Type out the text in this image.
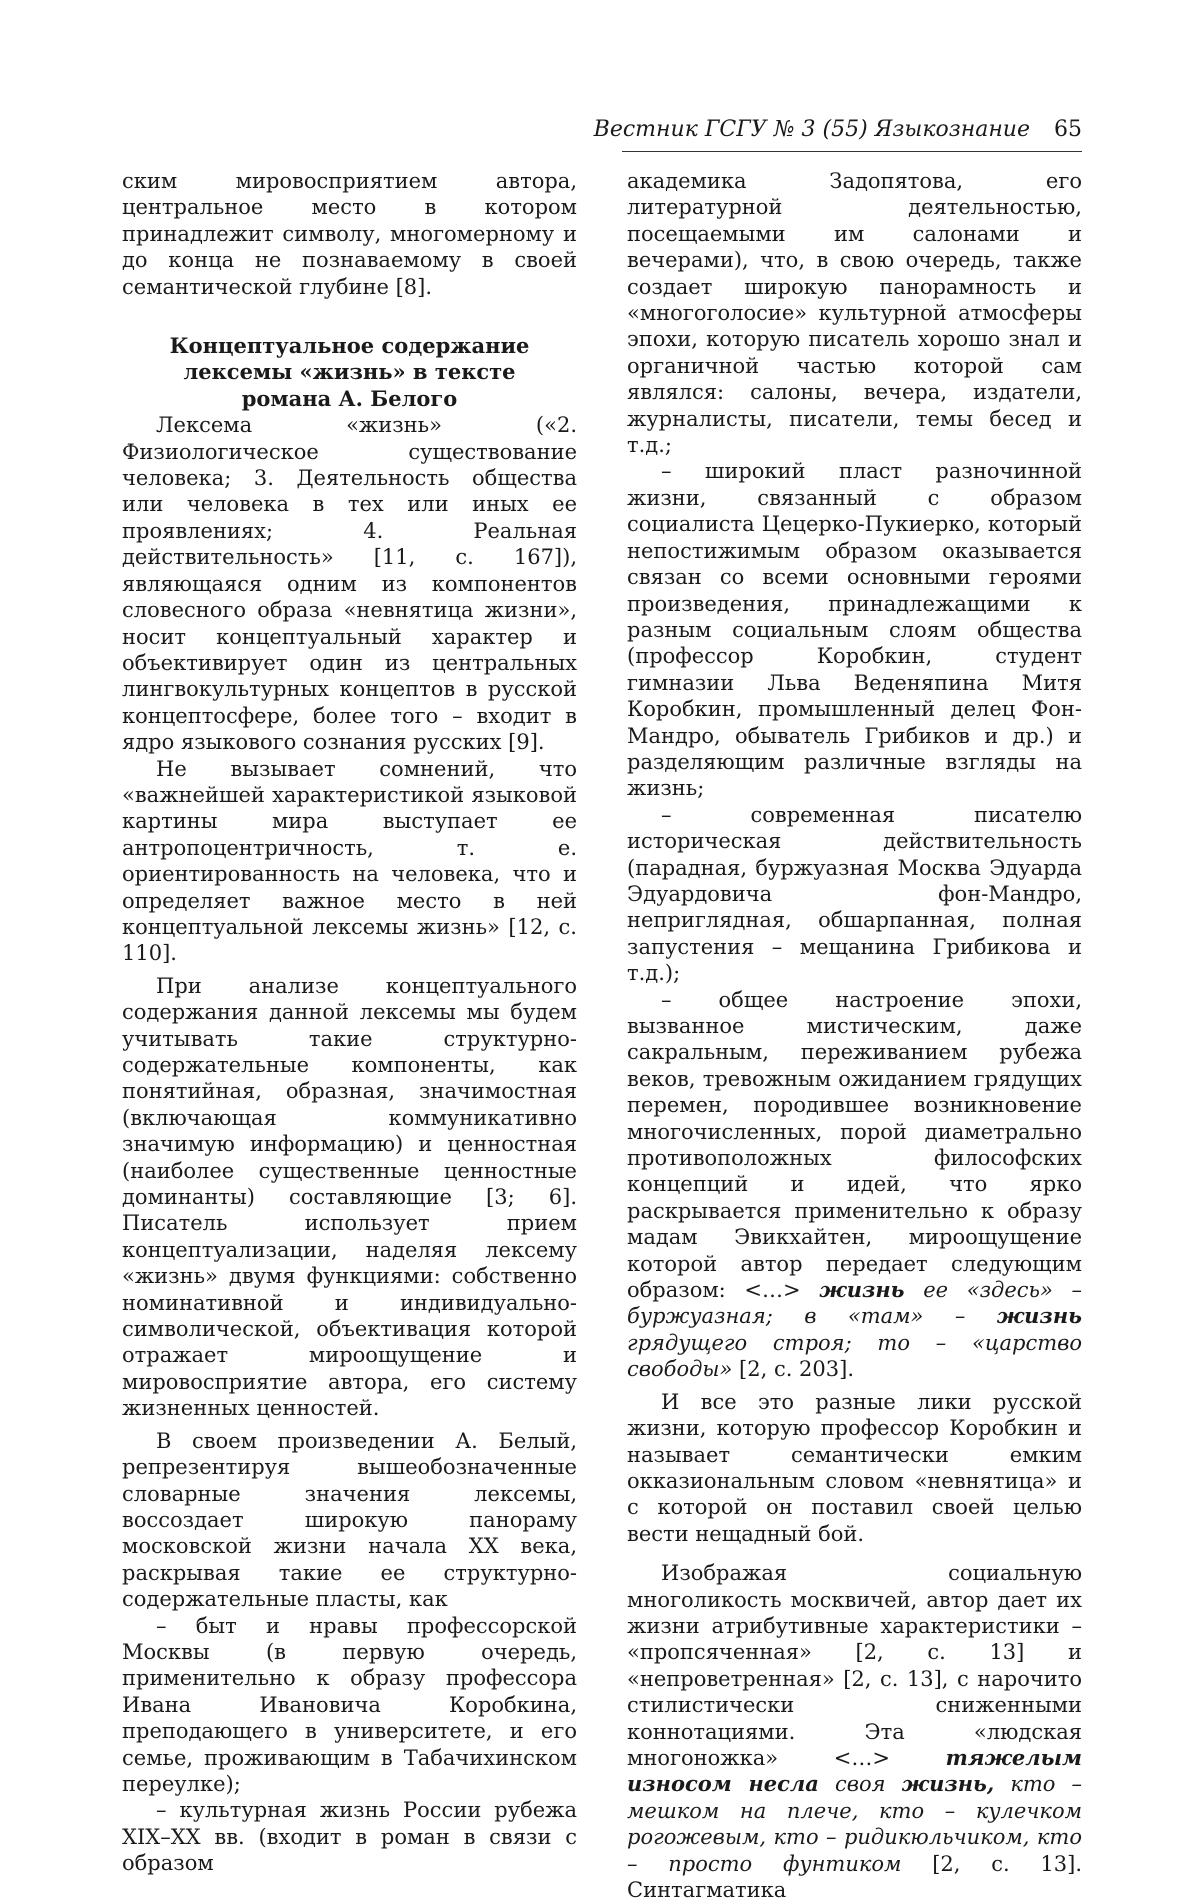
Вестник ГСГУ № 3 (55) Языкознание 65

ским мировосприятием автора, центральное место в котором принадлежит символу, многомерному и до конца не познаваемому в своей семантической глубине [8].

Концептуальное содержание
лексемы «жизнь» в тексте
романа А. Белого

Лексема «жизнь» («2. Физиологическое существование человека; 3. Деятельность общества или человека в тех или иных ее проявлениях; 4. Реальная действительность» [11, с. 167]), являющаяся одним из компонентов словесного образа «невнятица жизни», носит концептуальный характер и объективирует один из центральных лингвокультурных концептов в русской концептосфере, более того – входит в ядро языкового сознания русских [9].

Не вызывает сомнений, что «важнейшей характеристикой языковой картины мира выступает ее антропоцентричность, т. е. ориентированность на человека, что и определяет важное место в ней концептуальной лексемы жизнь» [12, с. 110].

При анализе концептуального содержания данной лексемы мы будем учитывать такие структурно-содержательные компоненты, как понятийная, образная, значимостная (включающая коммуникативно значимую информацию) и ценностная (наиболее существенные ценностные доминанты) составляющие [3; 6]. Писатель использует прием концептуализации, наделяя лексему «жизнь» двумя функциями: собственно номинативной и индивидуально-символической, объективация которой отражает мироощущение и мировосприятие автора, его систему жизненных ценностей.

В своем произведении А. Белый, репрезентируя вышеобозначенные словарные значения лексемы, воссоздает широкую панораму московской жизни начала XX века, раскрывая такие ее структурно-содержательные пласты, как

– быт и нравы профессорской Москвы (в первую очередь, применительно к образу профессора Ивана Ивановича Коробкина, преподающего в университете, и его семье, проживающим в Табачихинском переулке);

– культурная жизнь России рубежа XIX–XX вв. (входит в роман в связи с образом

академика Задопятова, его литературной деятельностью, посещаемыми им салонами и вечерами), что, в свою очередь, также создает широкую панорамность и «многоголосие» культурной атмосферы эпохи, которую писатель хорошо знал и органичной частью которой сам являлся: салоны, вечера, издатели, журналисты, писатели, темы бесед и т.д.;

– широкий пласт разночинной жизни, связанный с образом социалиста Цецерко-Пукиерко, который непостижимым образом оказывается связан со всеми основными героями произведения, принадлежащими к разным социальным слоям общества (профессор Коробкин, студент гимназии Льва Веденяпина Митя Коробкин, промышленный делец Фон-Мандро, обыватель Грибиков и др.) и разделяющим различные взгляды на жизнь;

– современная писателю историческая действительность (парадная, буржуазная Москва Эдуарда Эдуардовича фон-Мандро, неприглядная, обшарпанная, полная запустения – мещанина Грибикова и т.д.);

– общее настроение эпохи, вызванное мистическим, даже сакральным, переживанием рубежа веков, тревожным ожиданием грядущих перемен, породившее возникновение многочисленных, порой диаметрально противоположных философских концепций и идей, что ярко раскрывается применительно к образу мадам Эвикхайтен, мироощущение которой автор передает следующим образом: <…> жизнь ее «здесь» – буржуазная; в «там» – жизнь грядущего строя; то – «царство свободы» [2, с. 203].

И все это разные лики русской жизни, которую профессор Коробкин и называет семантически емким окказиональным словом «невнятица» и с которой он поставил своей целью вести нещадный бой.

Изображая социальную многоликость москвичей, автор дает их жизни атрибутивные характеристики – «пропсяченная» [2, с. 13] и «непроветренная» [2, с. 13], с нарочито стилистически сниженными коннотациями. Эта «людская многоножка» <…> тяжелым износом несла своя жизнь, кто – мешком на плече, кто – кулечком рогожевым, кто – ридикюльчиком, кто – просто фунтиком [2, с. 13]. Синтагматика
